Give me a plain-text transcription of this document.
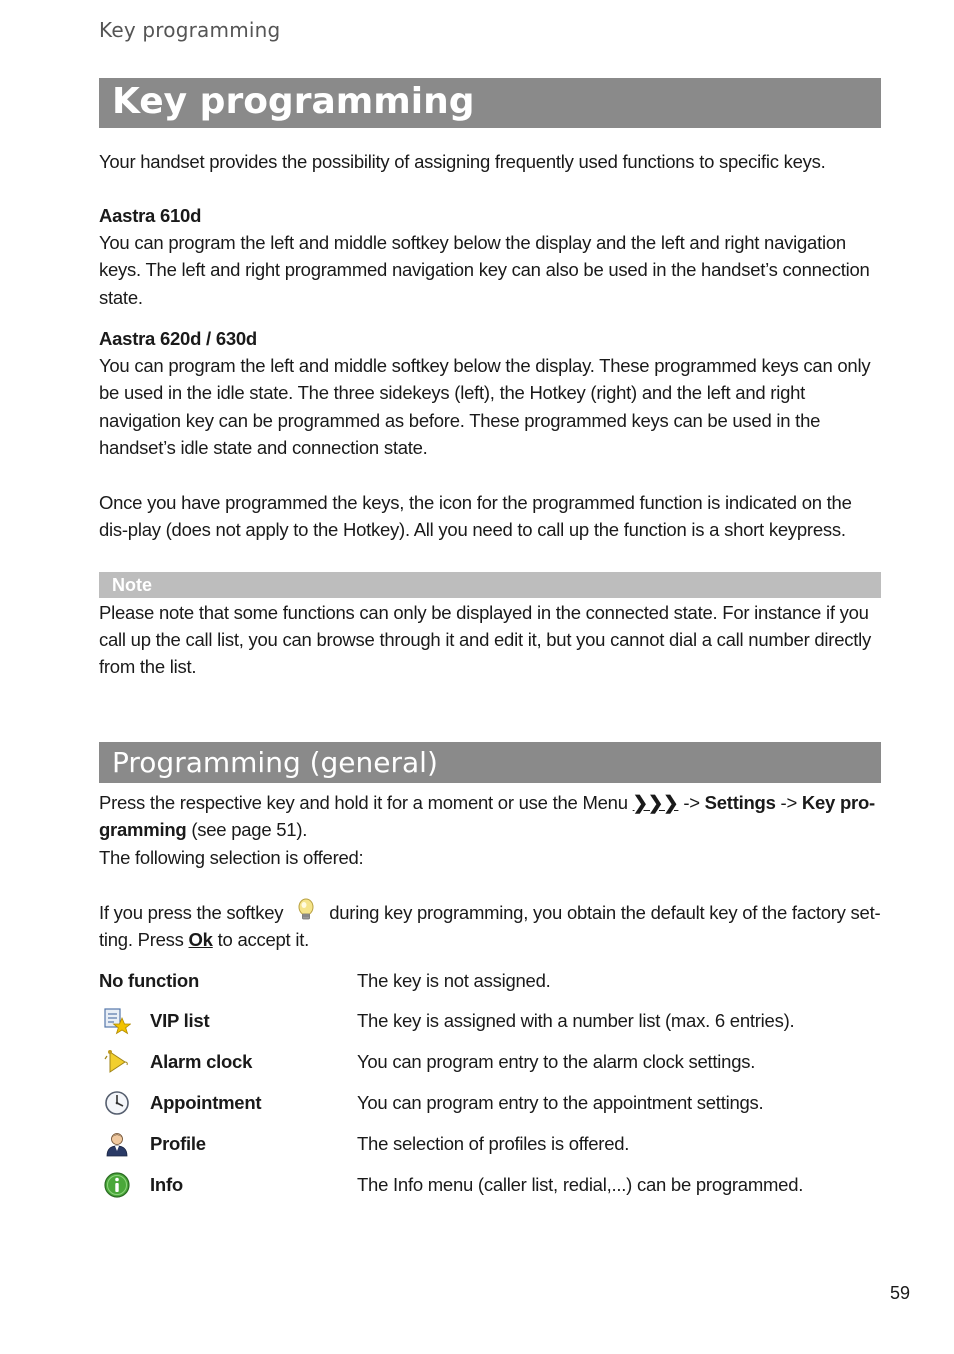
Key programming
Key programming
Your handset provides the possibility of assigning frequently used functions to specific keys.
Aastra 610d
You can program the left and middle softkey below the display and the left and right navigation keys. The left and right programmed navigation key can also be used in the handset’s connection state.
Aastra 620d / 630d
You can program the left and middle softkey below the display. These programmed keys can only be used in the idle state. The three sidekeys (left), the Hotkey (right) and the left and right navigation key can be programmed as before. These programmed keys can be used in the handset’s idle state and connection state.
Once you have programmed the keys, the icon for the programmed function is indicated on the dis-play (does not apply to the Hotkey). All you need to call up the function is a short keypress.
Note
Please note that some functions can only be displayed in the connected state. For instance if you call up the call list, you can browse through it and edit it, but you cannot dial a call number directly from the list.
Programming (general)
Press the respective key and hold it for a moment or use the Menu ❯❯❯ -> Settings -> Key pro-gramming (see page 51).
The following selection is offered:
If you press the softkey during key programming, you obtain the default key of the factory set-ting. Press Ok to accept it.
No function	The key is not assigned.
VIP list	The key is assigned with a number list (max. 6 entries).
Alarm clock	You can program entry to the alarm clock settings.
Appointment	You can program entry to the appointment settings.
Profile	The selection of profiles is offered.
Info	The Info menu (caller list, redial,...) can be programmed.
59
